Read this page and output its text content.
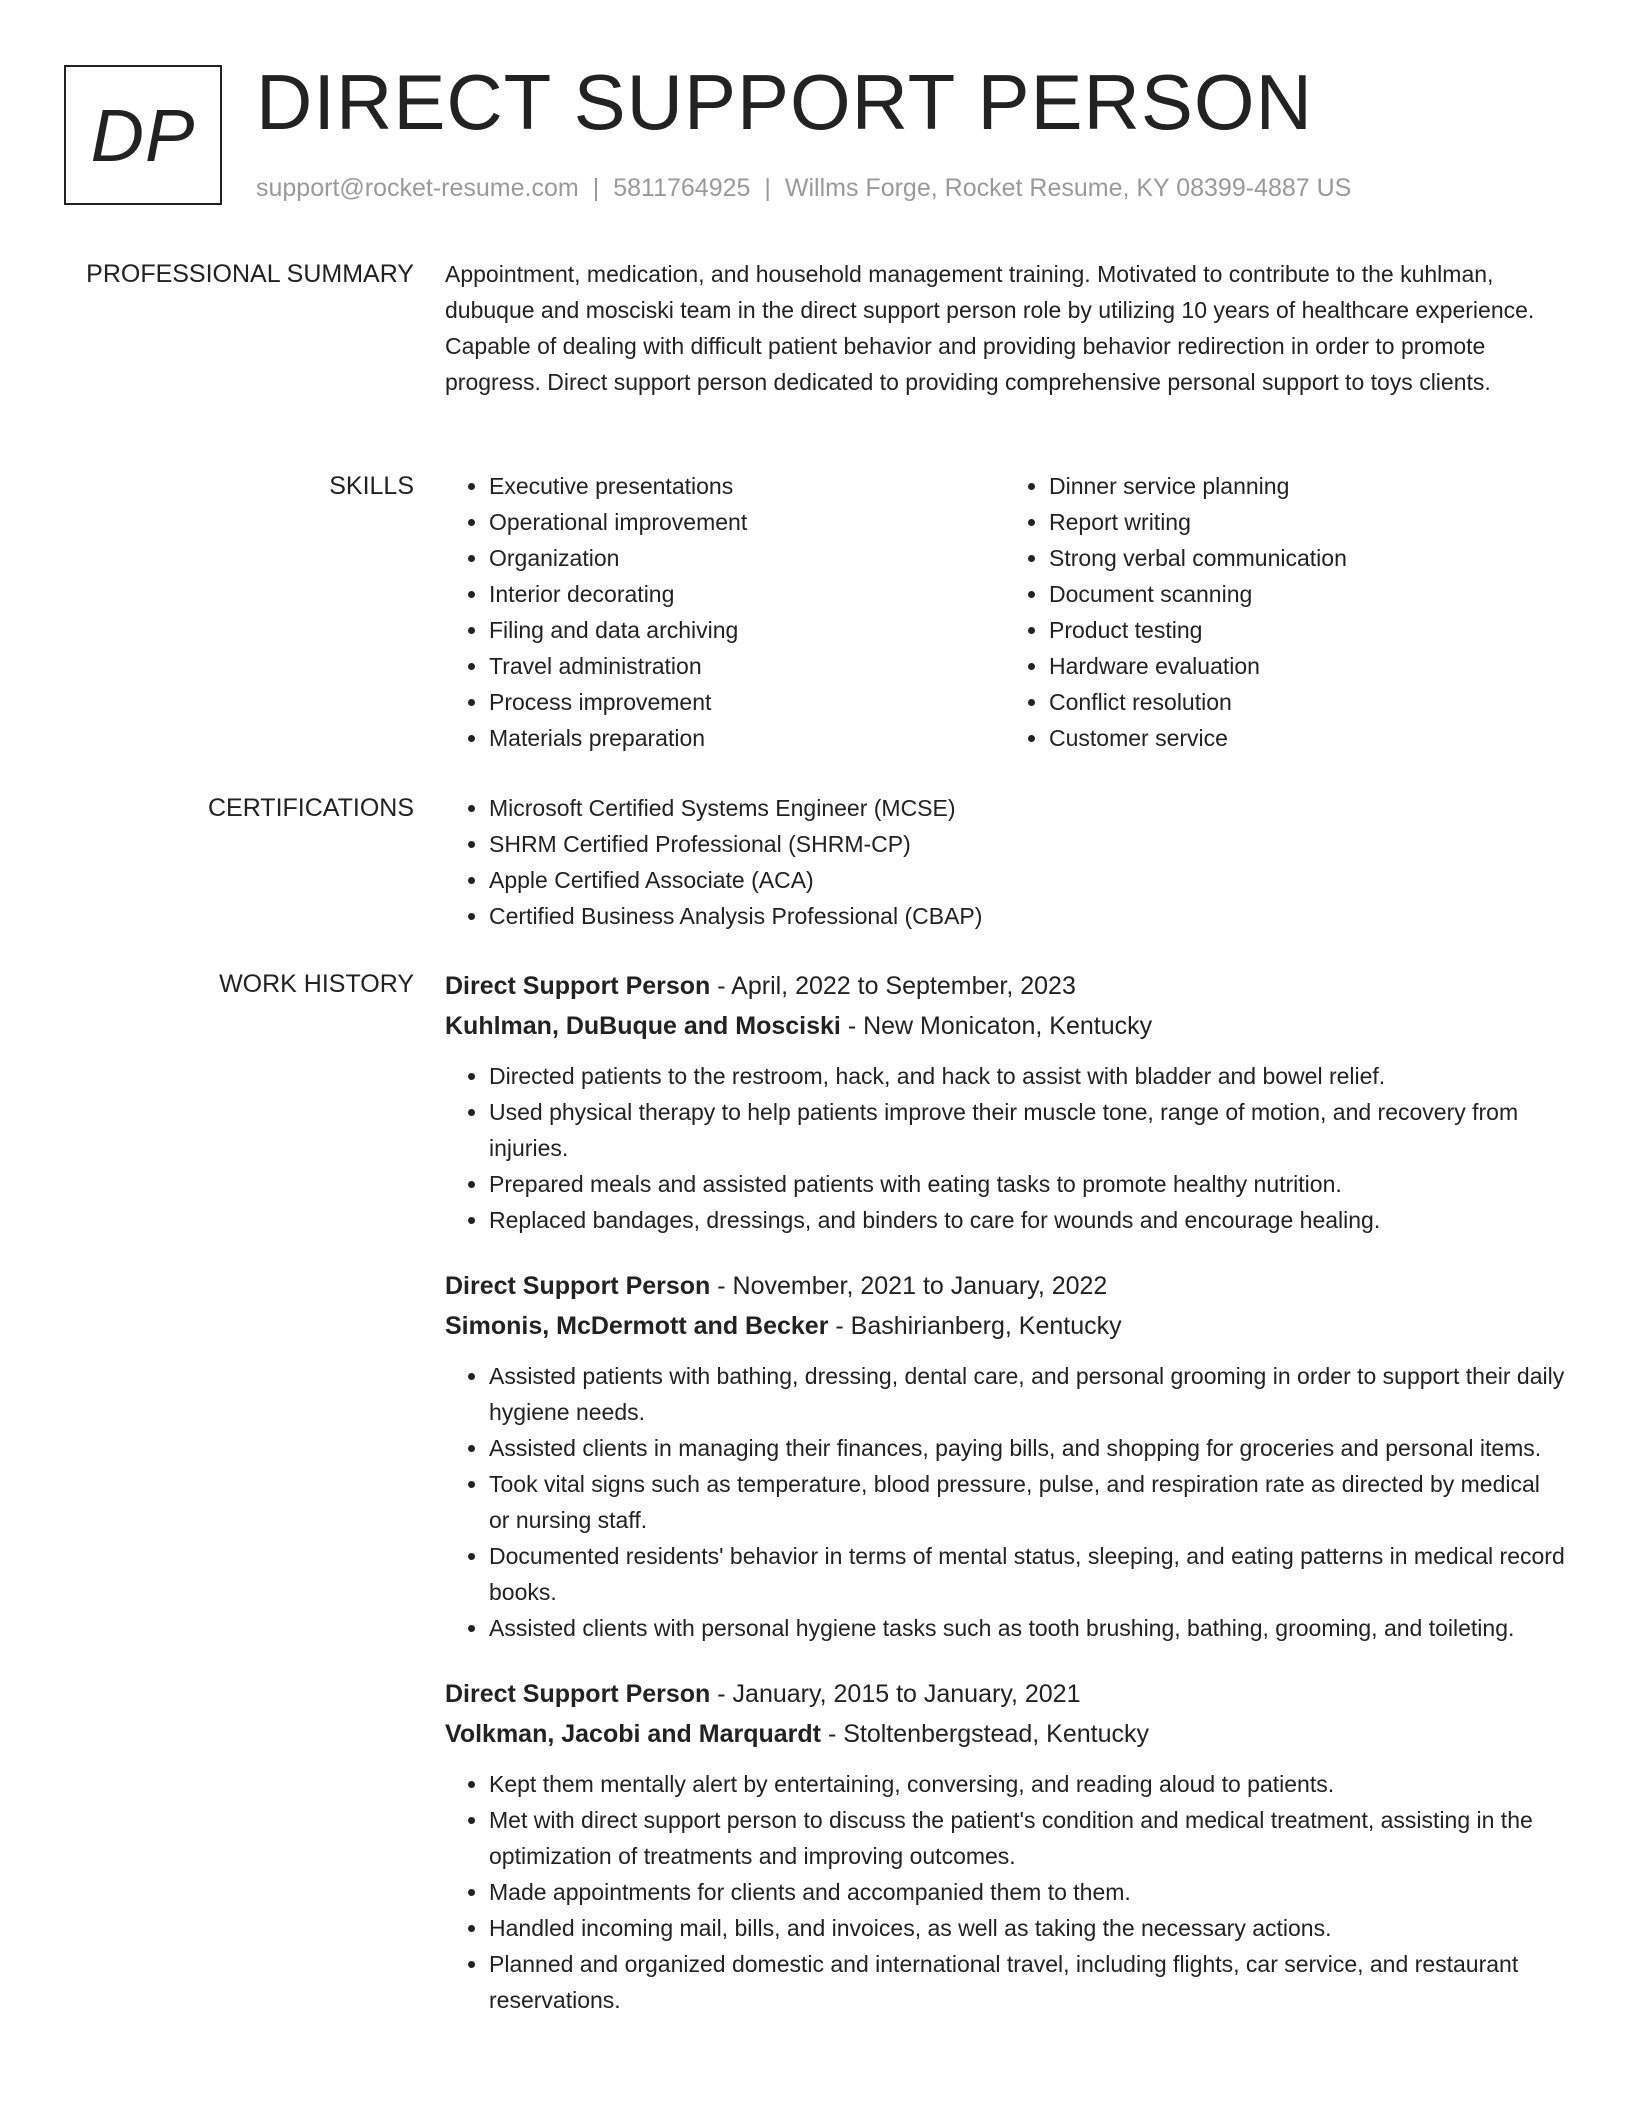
DP DIRECT SUPPORT PERSON
support@rocket-resume.com | 5811764925 | Willms Forge, Rocket Resume, KY 08399-4887 US
PROFESSIONAL SUMMARY Appointment, medication, and household management training. Motivated to contribute to the kuhlman, dubuque and mosciski team in the direct support person role by utilizing 10 years of healthcare experience. Capable of dealing with difficult patient behavior and providing behavior redirection in order to promote progress. Direct support person dedicated to providing comprehensive personal support to toys clients.

SKILLS	• Executive presentations
• Operational improvement
• Organization
• Interior decorating
• Filing and data archiving
• Travel administration
• Process improvement
• Materials preparation
• Dinner service planning
• Report writing
• Strong verbal communication
• Document scanning
• Product testing
• Hardware evaluation
• Conflict resolution
• Customer service
CERTIFICATIONS	• Microsoft Certified Systems Engineer (MCSE)
• SHRM Certified Professional (SHRM-CP)
• Apple Certified Associate (ACA)
• Certified Business Analysis Professional (CBAP)
WORK HISTORY Direct Support Person - April, 2022 to September, 2023
Kuhlman, DuBuque and Mosciski - New Monicaton, Kentucky
• Directed patients to the restroom, hack, and hack to assist with bladder and bowel relief.
• Used physical therapy to help patients improve their muscle tone, range of motion, and recovery from injuries.
• Prepared meals and assisted patients with eating tasks to promote healthy nutrition.
• Replaced bandages, dressings, and binders to care for wounds and encourage healing.
Direct Support Person - November, 2021 to January, 2022
Simonis, McDermott and Becker - Bashirianberg, Kentucky
• Assisted patients with bathing, dressing, dental care, and personal grooming in order to support their daily hygiene needs.
• Assisted clients in managing their finances, paying bills, and shopping for groceries and personal items.
• Took vital signs such as temperature, blood pressure, pulse, and respiration rate as directed by medical or nursing staff.
• Documented residents' behavior in terms of mental status, sleeping, and eating patterns in medical record books.
• Assisted clients with personal hygiene tasks such as tooth brushing, bathing, grooming, and toileting.
Direct Support Person - January, 2015 to January, 2021
Volkman, Jacobi and Marquardt - Stoltenbergstead, Kentucky
• Kept them mentally alert by entertaining, conversing, and reading aloud to patients.
• Met with direct support person to discuss the patient's condition and medical treatment, assisting in the optimization of treatments and improving outcomes.
• Made appointments for clients and accompanied them to them.
• Handled incoming mail, bills, and invoices, as well as taking the necessary actions.
• Planned and organized domestic and international travel, including flights, car service, and restaurant reservations.
